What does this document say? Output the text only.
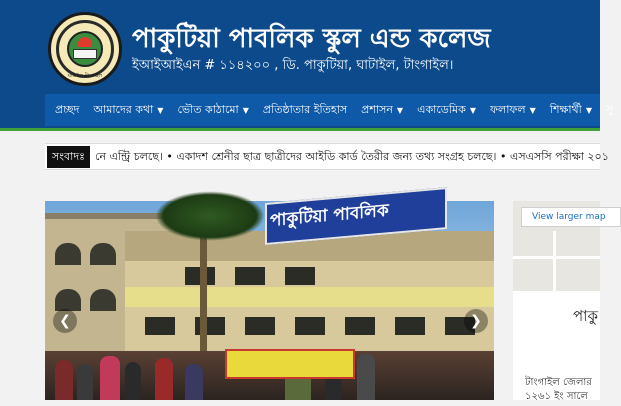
ঘাটাইল-টাংগাইল
পাকুটিয়া পাবলিক স্কুল এন্ড কলেজ
ইআইআইএন # ১১৪২০০ , ডি. পাকুটিয়া, ঘাটাইল, টাংগাইল।
প্রচ্ছদ আমাদের কথা ▼ ভৌত কাঠামো ▼ প্রতিষ্ঠাতার ইতিহাস প্রশাসন ▼ একাডেমিক ▼ ফলাফল ▼ শিক্ষার্থী ▼ সু
সংবাদঃ নে এন্ট্রি চলছে। • একাদশ শ্রেনীর ছাত্র ছাত্রীদের আইডি কার্ড তৈরীর জন্য তথ্য সংগ্রহ চলছে। • এসএসসি পরীক্ষা ২০১
❮	❯
পাকুটিয়া পাবলিক	View larger map
পাকু
টাংগাইল জেলার
১২৬১ ইং সালে
